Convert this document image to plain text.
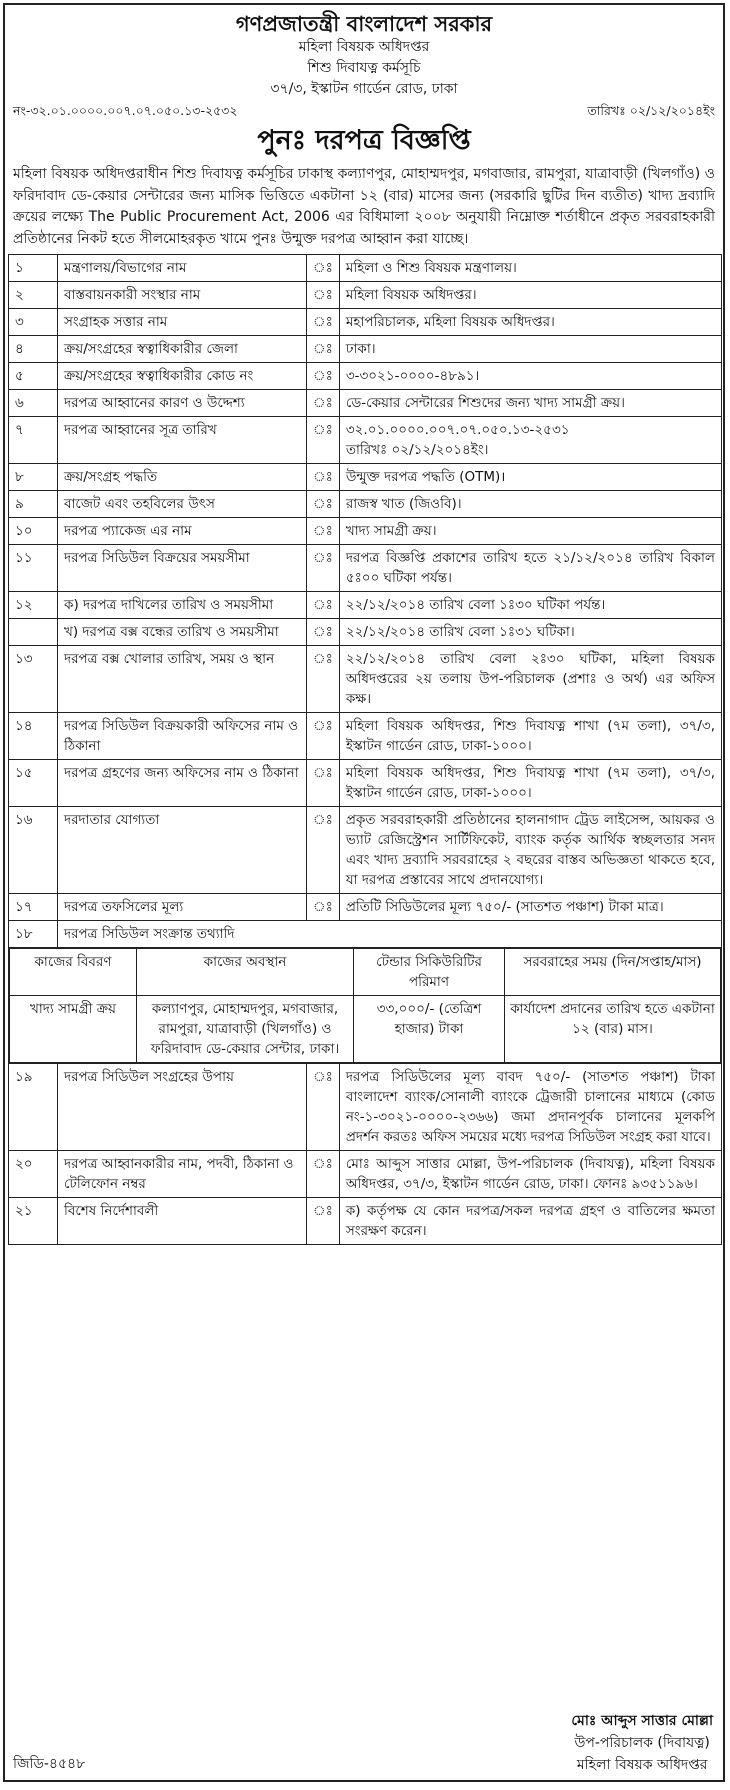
গণপ্রজাতন্ত্রী বাংলাদেশ সরকার
মহিলা বিষয়ক অধিদপ্তর
শিশু দিবাযত্ন কর্মসূচি
৩৭/৩, ইস্কাটন গার্ডেন রোড, ঢাকা
নং-৩২.০১.০০০০.০০৭.০৭.০৫০.১৩-২৫৩২	তারিখঃ ০২/১২/২০১৪ইং
পুনঃ দরপত্র বিজ্ঞপ্তি

মহিলা বিষয়ক অধিদপ্তরাধীন শিশু দিবাযত্ন কর্মসূচির ঢাকাস্থ কল্যাণপুর, মোহাম্মদপুর, মগবাজার, রামপুরা, যাত্রাবাড়ী (খিলগাঁও) ও ফরিদাবাদ ডে-কেয়ার সেন্টারের জন্য মাসিক ভিত্তিতে একটানা ১২ (বার) মাসের জন্য (সরকারি ছুটির দিন ব্যতীত) খাদ্য দ্রব্যাদি ক্রয়ের লক্ষ্যে The Public Procurement Act, 2006 এর বিধিমালা ২০০৮ অনুযায়ী নিম্নোক্ত শর্তাধীনে প্রকৃত সরবরাহকারী প্রতিষ্ঠানের নিকট হতে সীলমোহরকৃত খামে পুনঃ উন্মুক্ত দরপত্র আহ্বান করা যাচ্ছে।

১	মন্ত্রণালয়/বিভাগের নাম	ঃ	মহিলা ও শিশু বিষয়ক মন্ত্রণালয়।

২	বাস্তবায়নকারী সংস্থার নাম	ঃ	মহিলা বিষয়ক অধিদপ্তর।

৩	সংগ্রাহক সত্তার নাম	ঃ	মহাপরিচালক, মহিলা বিষয়ক অধিদপ্তর।

৪	ক্রয়/সংগ্রহের স্বত্বাধিকারীর জেলা	ঃ	ঢাকা।

৫	ক্রয়/সংগ্রহের স্বত্বাধিকারীর কোড নং	ঃ	৩-৩০২১-০০০০-৪৮৯১।

৬	দরপত্র আহ্বানের কারণ ও উদ্দেশ্য	ঃ	ডে-কেয়ার সেন্টারের শিশুদের জন্য খাদ্য সামগ্রী ক্রয়।

৭	দরপত্র আহ্বানের সূত্র তারিখ	ঃ	৩২.০১.০০০০.০০৭.০৭.০৫০.১৩-২৫৩১
তারিখঃ ০২/১২/২০১৪ইং।

৮	ক্রয়/সংগ্রহ পদ্ধতি	ঃ	উন্মুক্ত দরপত্র পদ্ধতি (OTM)।

৯	বাজেট এবং তহবিলের উৎস	ঃ	রাজস্ব খাত (জিওবি)।

১০	দরপত্র প্যাকেজ এর নাম	ঃ	খাদ্য সামগ্রী ক্রয়।

১১	দরপত্র সিডিউল বিক্রয়ের সময়সীমা	ঃ	দরপত্র বিজ্ঞপ্তি প্রকাশের তারিখ হতে ২১/১২/২০১৪ তারিখ বিকাল ৫ঃ০০ ঘটিকা পর্যন্ত।

১২	ক) দরপত্র দাখিলের তারিখ ও সময়সীমা	ঃ	২২/১২/২০১৪ তারিখ বেলা ১ঃ৩০ ঘটিকা পর্যন্ত।

	খ) দরপত্র বক্স বন্ধের তারিখ ও সময়সীমা	ঃ	২২/১২/২০১৪ তারিখ বেলা ১ঃ৩১ ঘটিকা।

১৩	দরপত্র বক্স খোলার তারিখ, সময় ও স্থান	ঃ	২২/১২/২০১৪ তারিখ বেলা ২ঃ৩০ ঘটিকা, মহিলা বিষয়ক অধিদপ্তরের ২য় তলায় উপ-পরিচালক (প্রশাঃ ও অর্থ) এর অফিস কক্ষ।

১৪	দরপত্র সিডিউল বিক্রয়কারী অফিসের নাম ও ঠিকানা	ঃ	মহিলা বিষয়ক অধিদপ্তর, শিশু দিবাযত্ন শাখা (৭ম তলা), ৩৭/৩, ইস্কাটন গার্ডেন রোড, ঢাকা-১০০০।

১৫	দরপত্র গ্রহণের জন্য অফিসের নাম ও ঠিকানা	ঃ	মহিলা বিষয়ক অধিদপ্তর, শিশু দিবাযত্ন শাখা (৭ম তলা), ৩৭/৩, ইস্কাটন গার্ডেন রোড, ঢাকা-১০০০।

১৬	দরদাতার যোগ্যতা	ঃ	প্রকৃত সরবরাহকারী প্রতিষ্ঠানের হালনাগাদ ট্রেড লাইসেন্স, আয়কর ও ভ্যাট রেজিস্ট্রেশন সার্টিফিকেট, ব্যাংক কর্তৃক আর্থিক স্বচ্ছলতার সনদ এবং খাদ্য দ্রব্যাদি সরবরাহের ২ বছরের বাস্তব অভিজ্ঞতা থাকতে হবে, যা দরপত্র প্রস্তাবের সাথে প্রদানযোগ্য।

১৭	দরপত্র তফসিলের মূল্য	ঃ	প্রতিটি সিডিউলের মূল্য ৭৫০/- (সাতশত পঞ্চাশ) টাকা মাত্র।

১৮	দরপত্র সিডিউল সংক্রান্ত তথ্যাদি

কাজের বিবরণ	কাজের অবস্থান	টেন্ডার সিকিউরিটির পরিমাণ	সরবরাহের সময় (দিন/সপ্তাহ/মাস)
খাদ্য সামগ্রী ক্রয়	কল্যাণপুর, মোহাম্মদপুর, মগবাজার, রামপুরা, যাত্রাবাড়ী (খিলগাঁও) ও ফরিদাবাদ ডে-কেয়ার সেন্টার, ঢাকা।	৩৩,০০০/- (তেত্রিশ হাজার) টাকা	কার্যাদেশ প্রদানের তারিখ হতে একটানা ১২ (বার) মাস।

১৯	দরপত্র সিডিউল সংগ্রহের উপায়	ঃ	দরপত্র সিডিউলের মূল্য বাবদ ৭৫০/- (সাতশত পঞ্চাশ) টাকা বাংলাদেশ ব্যাংক/সোনালী ব্যাংকে ট্রেজারী চালানের মাধ্যমে (কোড নং-১-৩০২১-০০০০-২৩৬৬) জমা প্রদানপূর্বক চালানের মূলকপি প্রদর্শন করতঃ অফিস সময়ের মধ্যে দরপত্র সিডিউল সংগ্রহ করা যাবে।

২০	দরপত্র আহ্বানকারীর নাম, পদবী, ঠিকানা ও টেলিফোন নম্বর	ঃ	মোঃ আব্দুস সাত্তার মোল্লা, উপ-পরিচালক (দিবাযত্ন), মহিলা বিষয়ক অধিদপ্তর, ৩৭/৩, ইস্কাটন গার্ডেন রোড, ঢাকা। ফোনঃ ৯৩৫১১৯৬।

২১	বিশেষ নির্দেশাবলী	ঃ	ক) কর্তৃপক্ষ যে কোন দরপত্র/সকল দরপত্র গ্রহণ ও বাতিলের ক্ষমতা সংরক্ষণ করেন।
মোঃ আব্দুস সাত্তার মোল্লা
উপ-পরিচালক (দিবাযত্ন)
মহিলা বিষয়ক অধিদপ্তর
জিডি-৪৫৪৮
